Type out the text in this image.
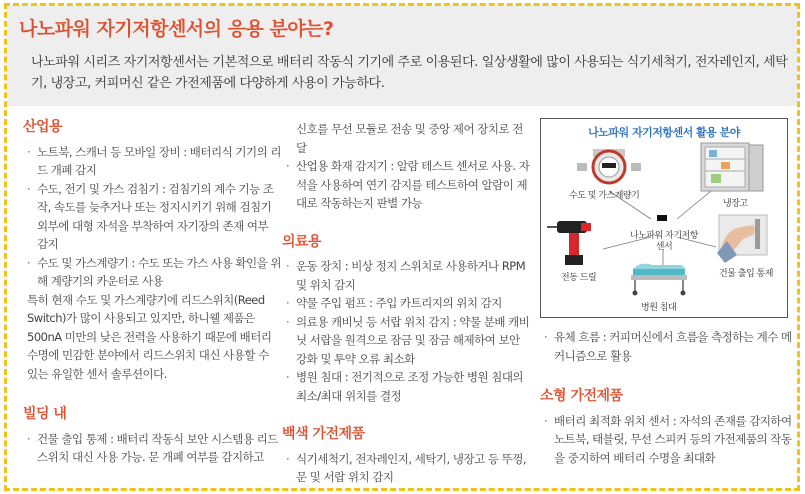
나노파워 자기저항센서의 응용 분야는?
나노파워 시리즈 자기저항센서는 기본적으로 배터리 작동식 기기에 주로 이용된다. 일상생활에 많이 사용되는 식기세척기, 전자레인지, 세탁기, 냉장고, 커피머신 같은 가전제품에 다양하게 사용이 가능하다.
산업용
· 노트북, 스캐너 등 모바일 장비 : 배터리식 기기의 리드 개폐 감지
· 수도, 전기 및 가스 검침기 : 검침기의 계수 기능 조작, 속도를 늦추거나 또는 정지시키기 위해 검침기 외부에 대형 자석을 부착하여 자기장의 존재 여부 감지
· 수도 및 가스계량기 : 수도 또는 가스 사용 확인을 위해 계량기의 카운터로 사용
특히 현재 수도 및 가스계량기에 리드스위치(Reed Switch)가 많이 사용되고 있지만, 하니웰 제품은 500nA 미만의 낮은 전력을 사용하기 때문에 배터리 수명에 민감한 분야에서 리드스위치 대신 사용할 수 있는 유일한 센서 솔루션이다.
빌딩 내
· 건물 출입 통제 : 배터리 작동식 보안 시스템용 리드스위치 대신 사용 가능. 문 개폐 여부를 감지하고
신호를 무선 모듈로 전송 및 중앙 제어 장치로 전달
· 산업용 화재 감지기 : 알람 테스트 센서로 사용. 자석을 사용하여 연기 감지를 테스트하여 알람이 제대로 작동하는지 판별 가능
의료용
· 운동 장치 : 비상 정지 스위치로 사용하거나 RPM 및 위치 감지
· 약물 주입 펌프 : 주입 카트리지의 위치 감지
· 의료용 캐비닛 등 서랍 위치 감지 : 약물 분배 캐비닛 서랍을 원격으로 잠금 및 잠금 해제하여 보안 강화 및 투약 오류 최소화
· 병원 침대 : 전기적으로 조정 가능한 병원 침대의 최소/최대 위치를 결정
백색 가전제품
· 식기세척기, 전자레인지, 세탁기, 냉장고 등 뚜껑, 문 및 서랍 위치 감지
나노파워 자기저항센서 활용 분야
수도 및 가스계량기
냉장고
나노파워 자기저항센서
전동 드릴
병원 침대
건물 출입 통제
· 유체 흐름 : 커피머신에서 흐름을 측정하는 계수 메커니즘으로 활용
소형 가전제품
· 배터리 최적화 위치 센서 : 자석의 존재를 감지하여 노트북, 태블릿, 무선 스피커 등의 가전제품의 작동을 중지하여 배터리 수명을 최대화
